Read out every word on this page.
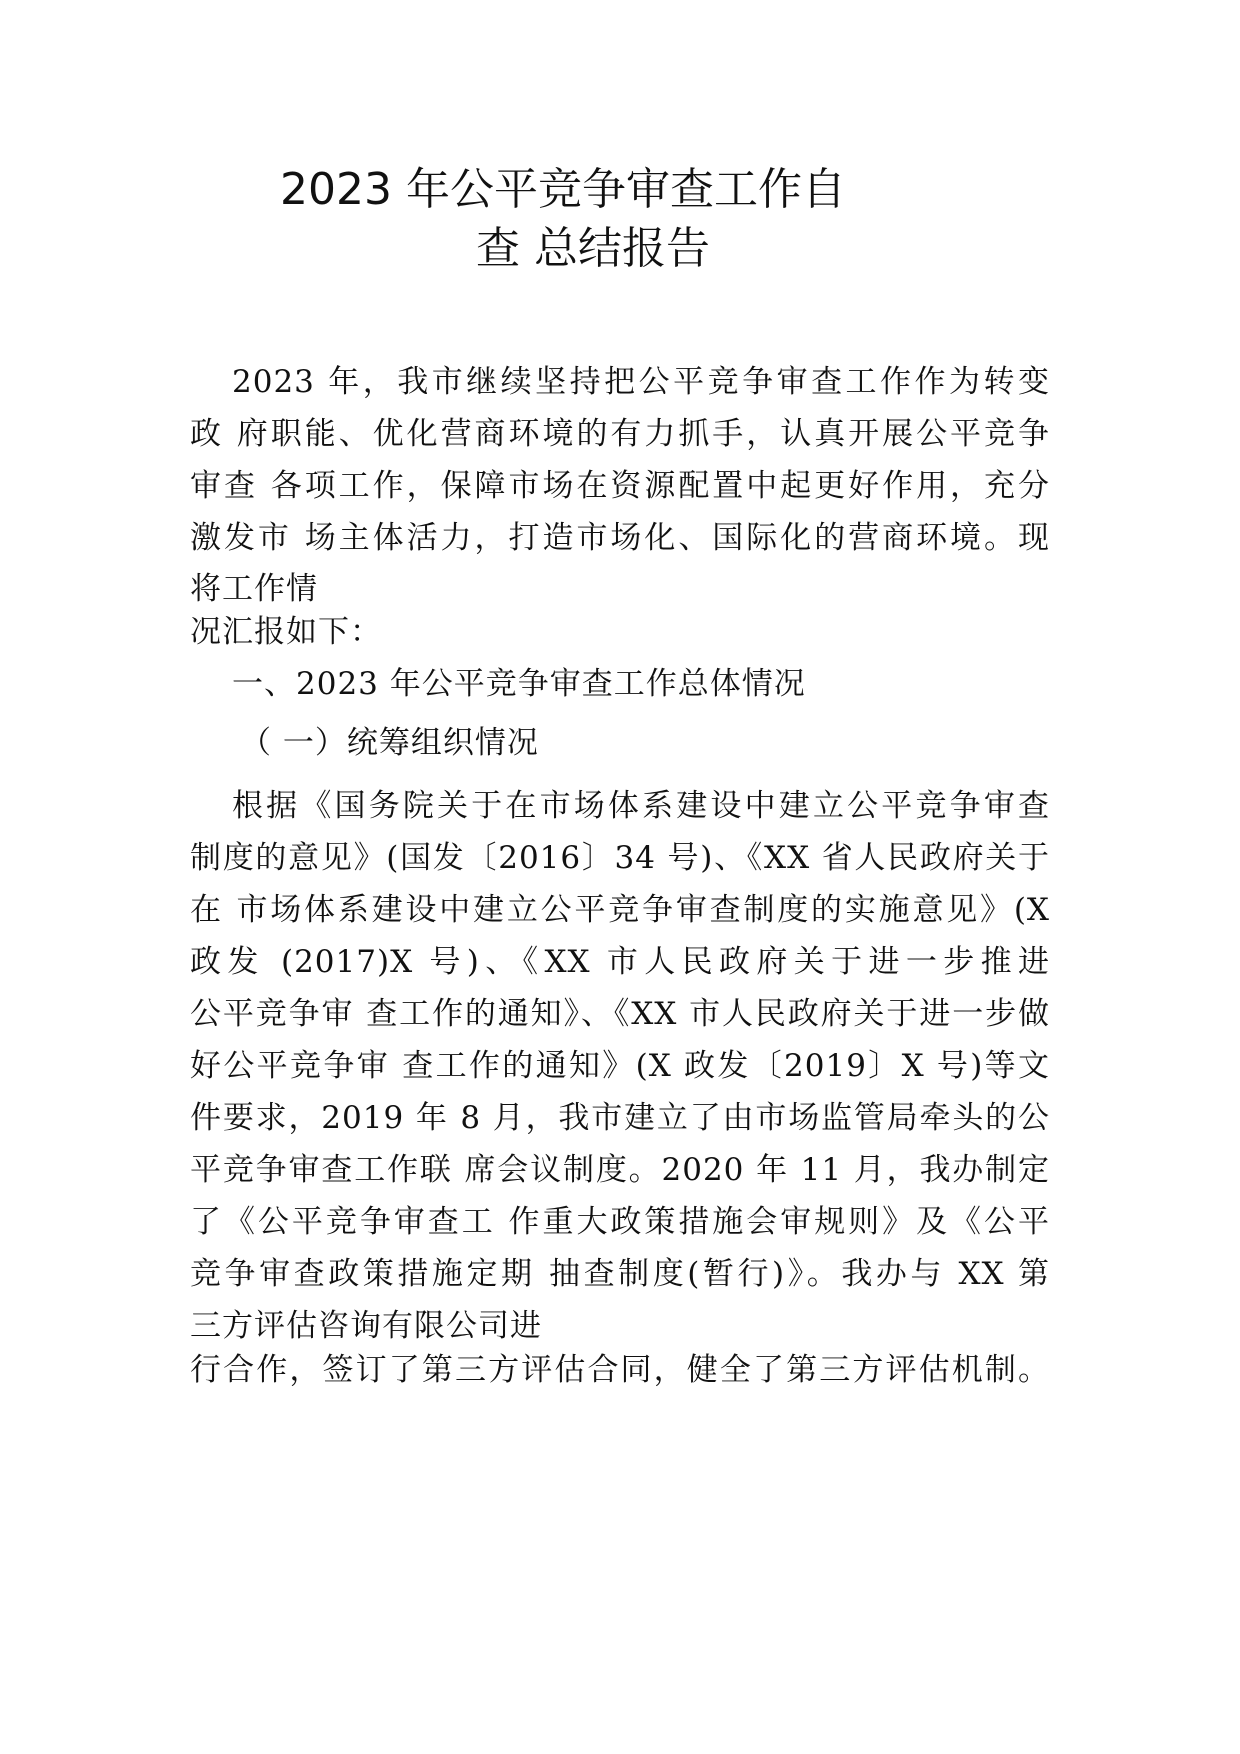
2023 年公平竞争审查工作自
查 总结报告
2023 年，我市继续坚持把公平竞争审查工作作为转变
政 府职能、优化营商环境的有力抓手，认真开展公平竞争
审查 各项工作，保障市场在资源配置中起更好作用，充分
激发市 场主体活力，打造市场化、国际化的营商环境。现
将工作情
况汇报如下：
一、2023 年公平竞争审查工作总体情况
（ 一）统筹组织情况
根据《国务院关于在市场体系建设中建立公平竞争审查
制度的意见》(国发〔2016〕34 号)、《XX 省人民政府关于
在 市场体系建设中建立公平竞争审查制度的实施意见》(X
政发 (2017)X 号)、《XX 市人民政府关于进一步推进
公平竞争审 查工作的通知》、《XX 市人民政府关于进一步做
好公平竞争审 查工作的通知》(X 政发〔2019〕X 号)等文
件要求，2019 年 8 月，我市建立了由市场监管局牵头的公
平竞争审查工作联 席会议制度。2020 年 11 月，我办制定
了《公平竞争审查工 作重大政策措施会审规则》及《公平
竞争审查政策措施定期 抽查制度(暂行)》。我办与 XX 第
三方评估咨询有限公司进
行合作，签订了第三方评估合同，健全了第三方评估机制。
